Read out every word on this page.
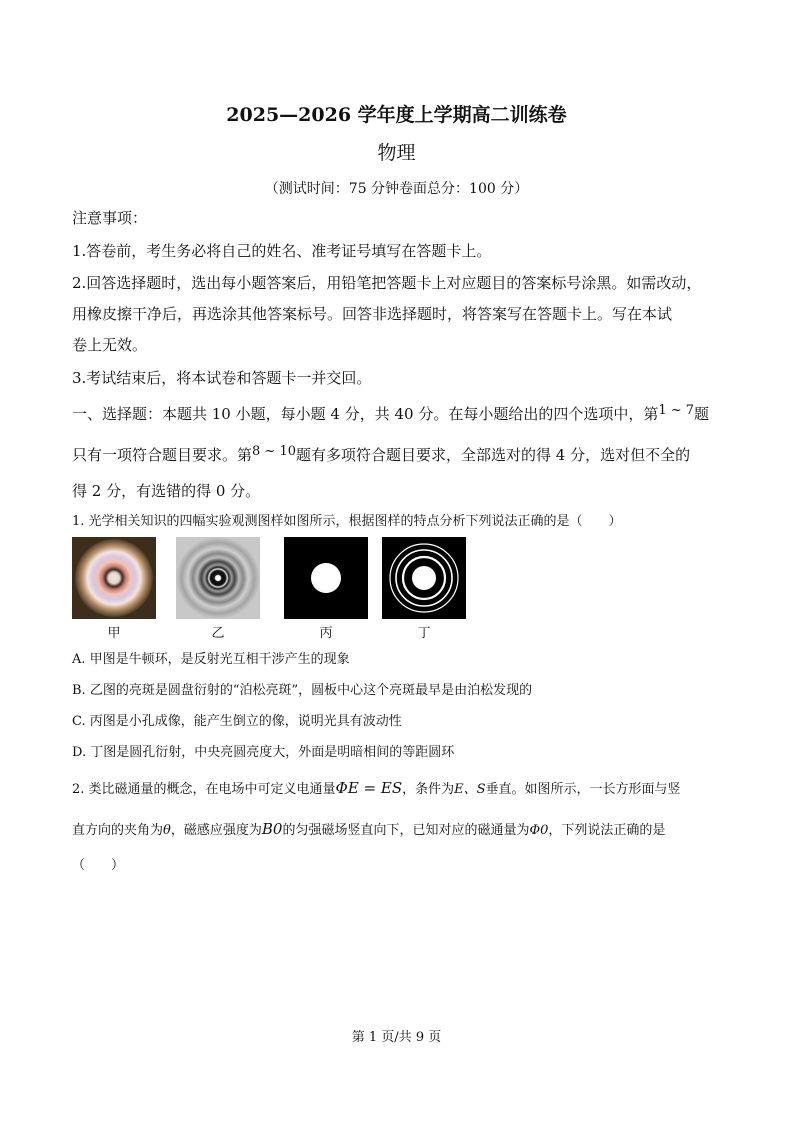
2025—2026 学年度上学期高二训练卷
物理
（测试时间：75 分钟卷面总分：100 分）
注意事项：
1.答卷前，考生务必将自己的姓名、准考证号填写在答题卡上。
2.回答选择题时，选出每小题答案后，用铅笔把答题卡上对应题目的答案标号涂黑。如需改动，
用橡皮擦干净后，再选涂其他答案标号。回答非选择题时，将答案写在答题卡上。写在本试
卷上无效。
3.考试结束后，将本试卷和答题卡一并交回。
一、选择题：本题共 10 小题，每小题 4 分，共 40 分。在每小题给出的四个选项中，第1 ~ 7题
只有一项符合题目要求。第8 ~ 10题有多项符合题目要求，全部选对的得 4 分，选对但不全的
得 2 分，有选错的得 0 分。
1. 光学相关知识的四幅实验观测图样如图所示，根据图样的特点分析下列说法正确的是（　　）
甲	乙	丙	丁
A. 甲图是牛顿环，是反射光互相干涉产生的现象
B. 乙图的亮斑是圆盘衍射的“泊松亮斑”，圆板中心这个亮斑最早是由泊松发现的
C. 丙图是小孔成像，能产生倒立的像，说明光具有波动性
D. 丁图是圆孔衍射，中央亮圆亮度大，外面是明暗相间的等距圆环
2. 类比磁通量的概念，在电场中可定义电通量ΦE = ES，条件为E、S垂直。如图所示，一长方形面与竖
直方向的夹角为θ，磁感应强度为B0的匀强磁场竖直向下，已知对应的磁通量为Φ0，下列说法正确的是
（　　）
第 1 页/共 9 页
